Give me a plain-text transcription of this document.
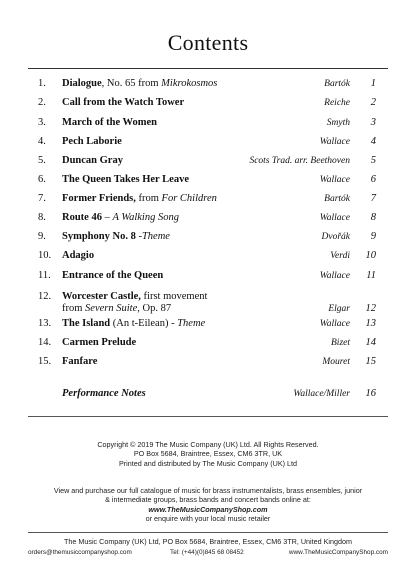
Contents
1. Dialogue, No. 65 from Mikrokosmos	Bartók 1
2. Call from the Watch Tower	Reiche 2
3. March of the Women	Smyth 3
4. Pech Laborie	Wallace 4
5. Duncan Gray	Scots Trad. arr. Beethoven 5
6. The Queen Takes Her Leave	Wallace 6
7. Former Friends, from For Children	Bartók 7
8. Route 46 – A Walking Song	Wallace 8
9. Symphony No. 8 -Theme	Dvořák 9
10. Adagio	Verdi 10
11. Entrance of the Queen	Wallace 11
12. Worcester Castle, first movement
from Severn Suite, Op. 87	Elgar 12
13. The Island (An t-Eilean) - Theme	Wallace 13
14. Carmen Prelude	Bizet 14
15. Fanfare	Mouret 15
Performance Notes	Wallace/Miller 16
Copyright © 2019 The Music Company (UK) Ltd. All Rights Reserved.
PO Box 5684, Braintree, Essex, CM6 3TR, UK
Printed and distributed by The Music Company (UK) Ltd
View and purchase our full catalogue of music for brass instrumentalists, brass ensembles, junior
& intermediate groups, brass bands and concert bands online at:
www.TheMusicCompanyShop.com
or enquire with your local music retailer
The Music Company (UK) Ltd, PO Box 5684, Braintree, Essex, CM6 3TR, United Kingdom
orders@themusiccompanyshop.com	Tel: (+44)(0)845 68 08452	www.TheMusicCompanyShop.com
